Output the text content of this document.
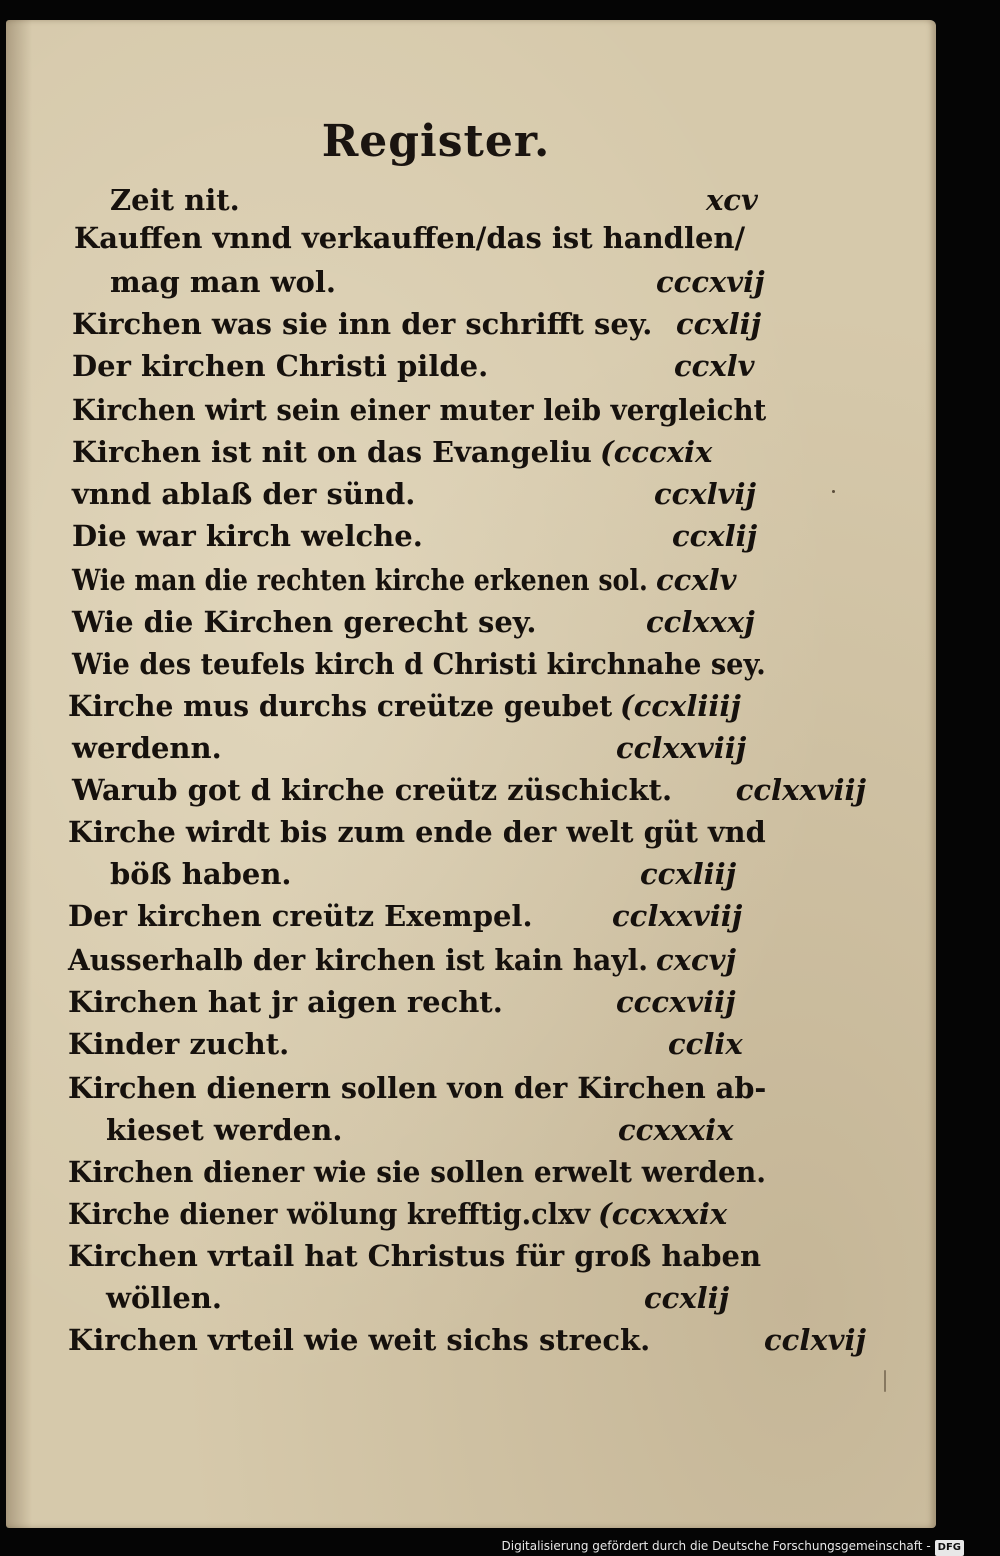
Register.
Zeit nit.	xcv
Kauffen vnnd verkauffen/das ist handlen/
mag man wol.	cccxvij
Kirchen was sie inn der schrifft sey. ccxlij
Der kirchen Christi pilde.	ccxlv
Kirchen wirt sein einer muter leib vergleicht
Kirchen ist nit on das Evangeliu (cccxix
vnnd ablaß der sünd.	ccxlvij
Die war kirch welche.	ccxlij
Wie man die rechten kirche erkenen sol. ccxlv
Wie die Kirchen gerecht sey.	cclxxxj
Wie des teufels kirch d Christi kirchnahe sey.
Kirche mus durchs creütze geubet (ccxliiij
werdenn.	cclxxviij
Warub got d kirche creütz züschickt. cclxxviij
Kirche wirdt bis zum ende der welt güt vnd
böß haben.	ccxliij
Der kirchen creütz Exempel.	cclxxviij
Ausserhalb der kirchen ist kain hayl. cxcvj
Kirchen hat jr aigen recht.	cccxviij
Kinder zucht.	cclix
Kirchen dienern sollen von der Kirchen ab-
kieset werden.	ccxxxix
Kirchen diener wie sie sollen erwelt werden.
Kirche diener wölung krefftig.clxv (ccxxxix
Kirchen vrtail hat Christus für groß haben
wöllen.	ccxlij
Kirchen vrteil wie weit sichs streck.	cclxvij
Digitalisierung gefördert durch die Deutsche Forschungsgemeinschaft - DFG
